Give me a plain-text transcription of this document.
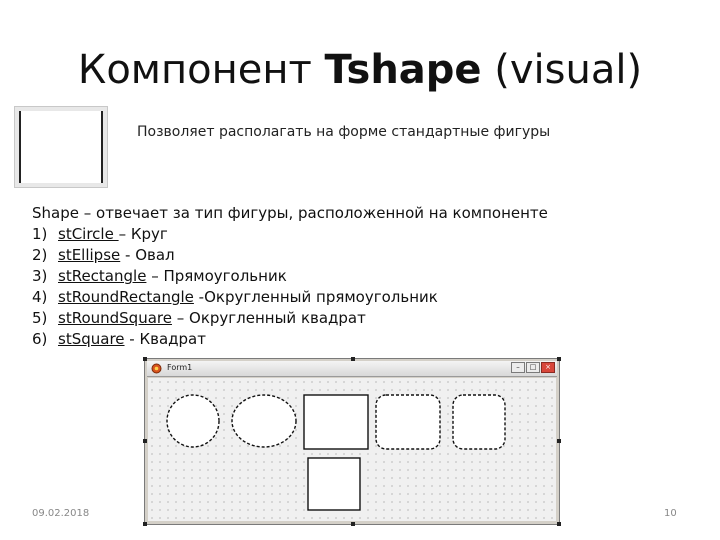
Компонент Tshape (visual)
Позволяет располагать на форме стандартные фигуры
Shape – отвечает за тип фигуры, расположенной на компоненте
1) stCircle – Круг
2) stEllipse - Овал
3) stRectangle – Прямоугольник
4) stRoundRectangle -Округленный прямоугольник
5) stRoundSquare – Округленный квадрат
6) stSquare - Квадрат
Form1	–	□	×
09.02.2018	10
